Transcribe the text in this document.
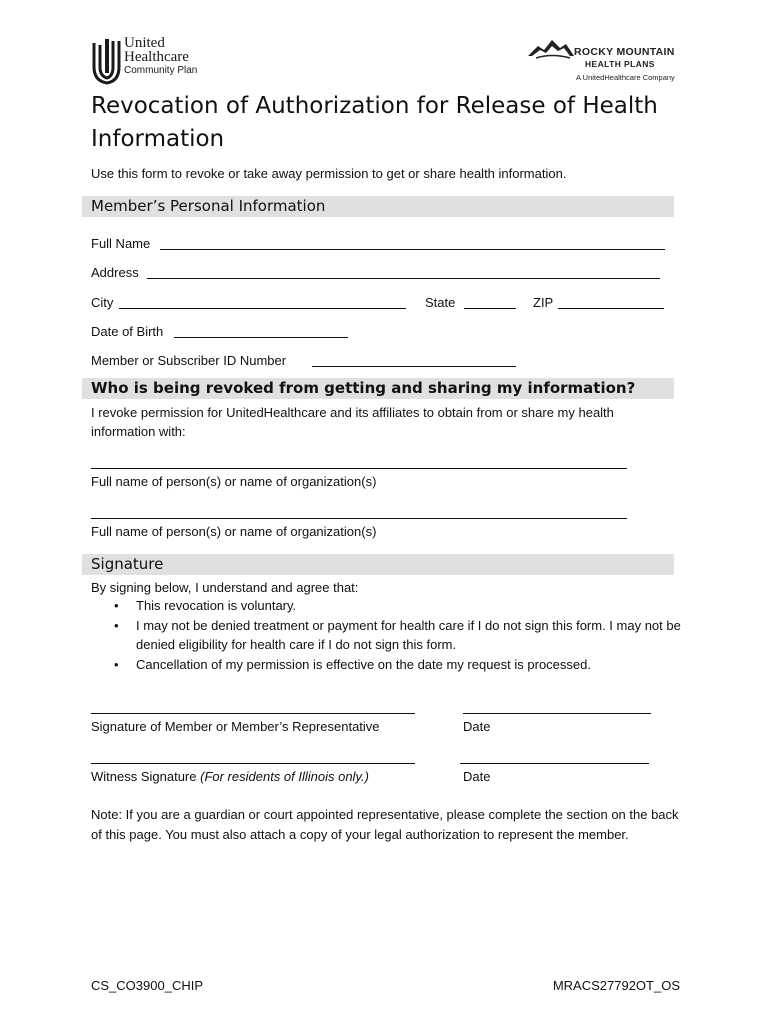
United
Healthcare
Community Plan
ROCKY MOUNTAIN
HEALTH PLANS
A UnitedHealthcare Company
Revocation of Authorization for Release of Health Information
Use this form to revoke or take away permission to get or share health information.
Member’s Personal Information
Full Name
Address
City	State	ZIP
Date of Birth
Member or Subscriber ID Number
Who is being revoked from getting and sharing my information?
I revoke permission for UnitedHealthcare and its affiliates to obtain from or share my health information with:
Full name of person(s) or name of organization(s)
Full name of person(s) or name of organization(s)
Signature
By signing below, I understand and agree that:
• This revocation is voluntary.
• I may not be denied treatment or payment for health care if I do not sign this form. I may not be denied eligibility for health care if I do not sign this form.
• Cancellation of my permission is effective on the date my request is processed.
Signature of Member or Member’s Representative	Date
Witness Signature (For residents of Illinois only.)	Date
Note: If you are a guardian or court appointed representative, please complete the section on the back of this page. You must also attach a copy of your legal authorization to represent the member.
CS_CO3900_CHIP	MRACS27792OT_OS
